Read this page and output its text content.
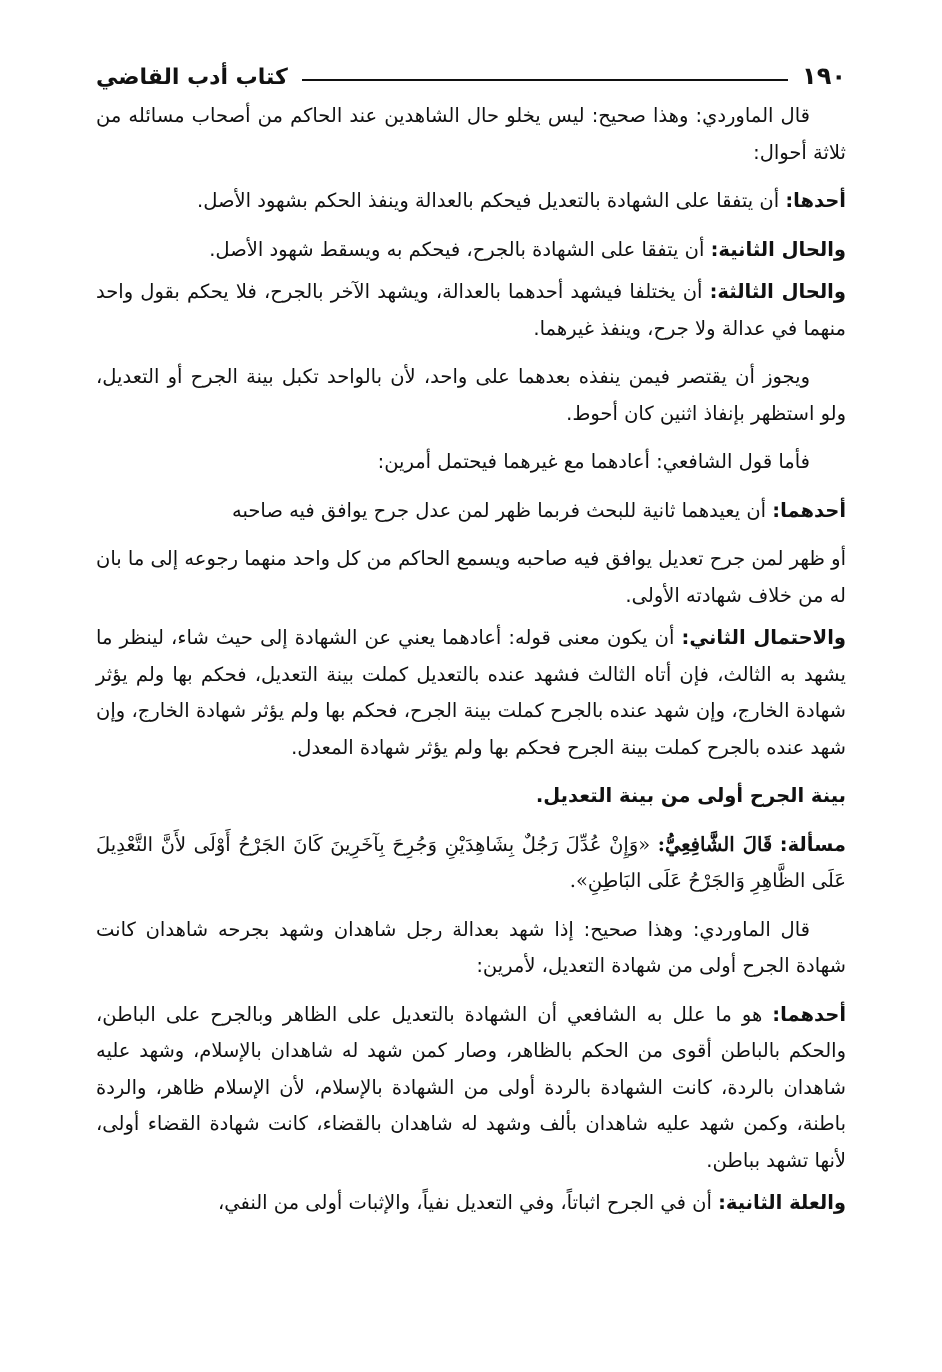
١٩٠
كتاب أدب القاضي

قال الماوردي: وهذا صحيح: ليس يخلو حال الشاهدين عند الحاكم من أصحاب مسائله من ثلاثة أحوال:

أحدها: أن يتفقا على الشهادة بالتعديل فيحكم بالعدالة وينفذ الحكم بشهود الأصل.

والحال الثانية: أن يتفقا على الشهادة بالجرح، فيحكم به ويسقط شهود الأصل.

والحال الثالثة: أن يختلفا فيشهد أحدهما بالعدالة، ويشهد الآخر بالجرح، فلا يحكم بقول واحد منهما في عدالة ولا جرح، وينفذ غيرهما.

ويجوز أن يقتصر فيمن ينفذه بعدهما على واحد، لأن بالواحد تكبل بينة الجرح أو التعديل، ولو استظهر بإنفاذ اثنين كان أحوط.

فأما قول الشافعي: أعادهما مع غيرهما فيحتمل أمرين:

أحدهما: أن يعيدهما ثانية للبحث فربما ظهر لمن عدل جرح يوافق فيه صاحبه

أو ظهر لمن جرح تعديل يوافق فيه صاحبه ويسمع الحاكم من كل واحد منهما رجوعه إلى ما بان له من خلاف شهادته الأولى.

والاحتمال الثاني: أن يكون معنى قوله: أعادهما يعني عن الشهادة إلى حيث شاء، لينظر ما يشهد به الثالث، فإن أتاه الثالث فشهد عنده بالتعديل كملت بينة التعديل، فحكم بها ولم يؤثر شهادة الخارج، وإن شهد عنده بالجرح كملت بينة الجرح، فحكم بها ولم يؤثر شهادة الخارج، وإن شهد عنده بالجرح كملت بينة الجرح فحكم بها ولم يؤثر شهادة المعدل.

بينة الجرح أولى من بينة التعديل.

مسألة: قَالَ الشَّافِعِيُّ: «وَإِنْ عُدِّلَ رَجُلٌ بِشَاهِدَيْنِ وَجُرِحَ بِآخَرِينَ كَانَ الجَرْحُ أَوْلَى لأَنَّ التَّعْدِيلَ عَلَى الظَّاهِرِ وَالجَرْحُ عَلَى البَاطِنِ».

قال الماوردي: وهذا صحيح: إذا شهد بعدالة رجل شاهدان وشهد بجرحه شاهدان كانت شهادة الجرح أولى من شهادة التعديل، لأمرين:

أحدهما: هو ما علل به الشافعي أن الشهادة بالتعديل على الظاهر وبالجرح على الباطن، والحكم بالباطن أقوى من الحكم بالظاهر، وصار كمن شهد له شاهدان بالإسلام، وشهد عليه شاهدان بالردة، كانت الشهادة بالردة أولى من الشهادة بالإسلام، لأن الإسلام ظاهر، والردة باطنة، وكمن شهد عليه شاهدان بألف وشهد له شاهدان بالقضاء، كانت شهادة القضاء أولى، لأنها تشهد بباطن.

والعلة الثانية: أن في الجرح اثباتاً، وفي التعديل نفياً، والإثبات أولى من النفي،
